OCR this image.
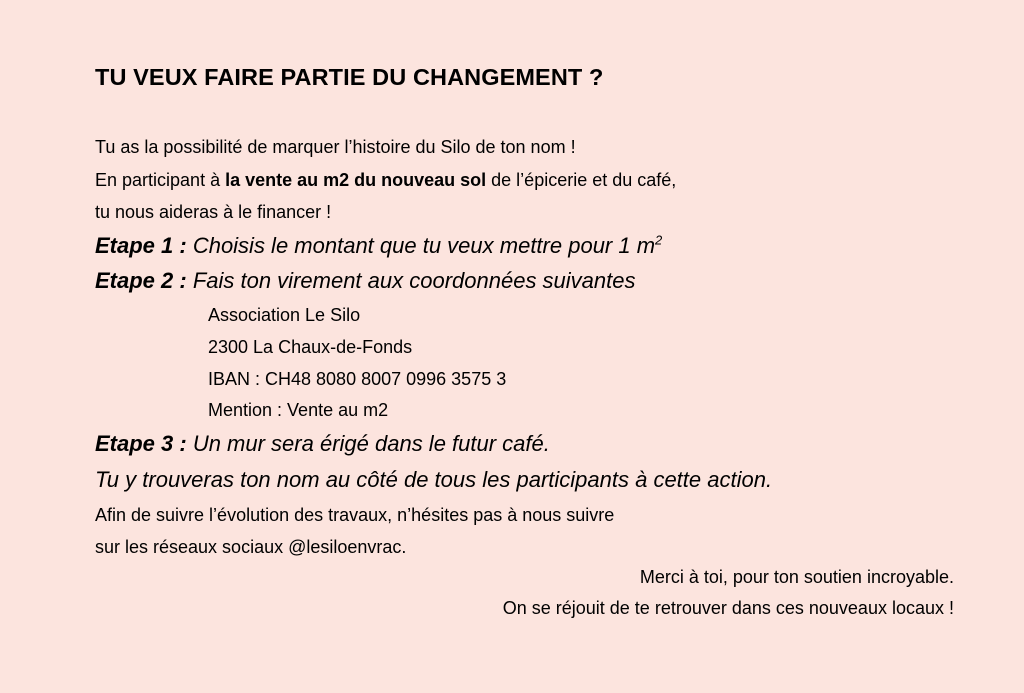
TU VEUX FAIRE PARTIE DU CHANGEMENT ?

Tu as la possibilité de marquer l’histoire du Silo de ton nom !

En participant à la vente au m2 du nouveau sol de l’épicerie et du café,

tu nous aideras à le financer !

Etape 1 : Choisis le montant que tu veux mettre pour 1 $m^2$

Etape 2 : Fais ton virement aux coordonnées suivantes

Association Le Silo

2300 La Chaux-de-Fonds

IBAN : CH48 8080 8007 0996 3575 3

Mention : Vente au m2

Etape 3 : Un mur sera érigé dans le futur café.

Tu y trouveras ton nom au côté de tous les participants à cette action.

Afin de suivre l’évolution des travaux, n’hésites pas à nous suivre

sur les réseaux sociaux @lesiloenvrac.

Merci à toi, pour ton soutien incroyable.

On se réjouit de te retrouver dans ces nouveaux locaux !
